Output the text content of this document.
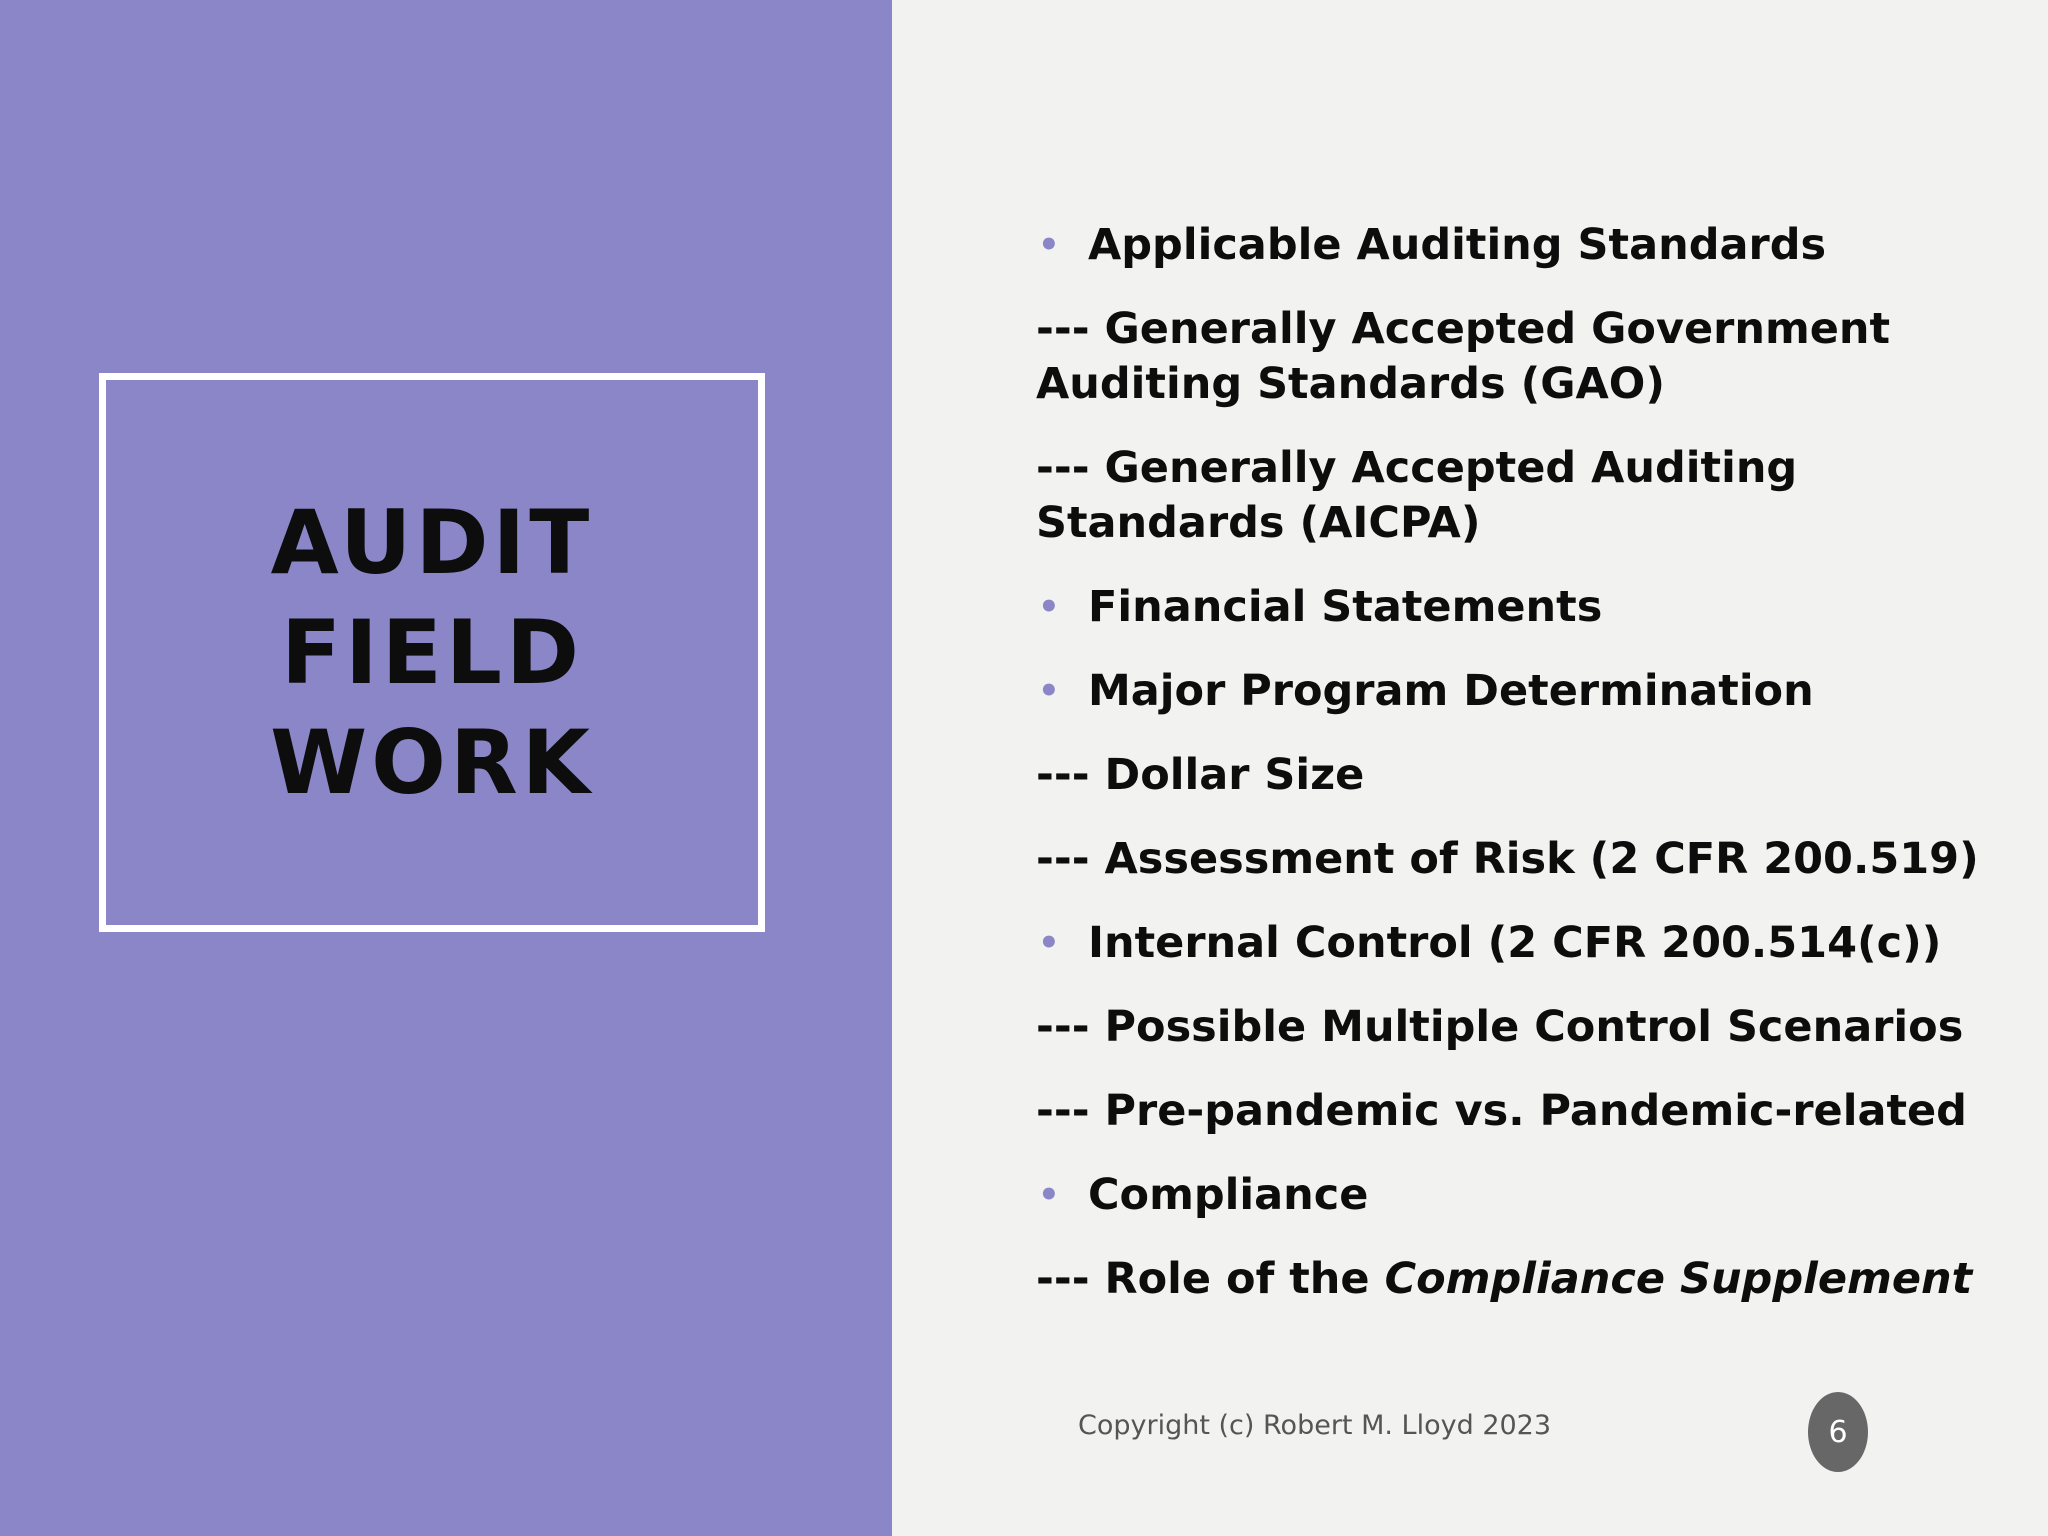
AUDIT
FIELD
WORK
• Applicable Auditing Standards
--- Generally Accepted Government
Auditing Standards (GAO)
--- Generally Accepted Auditing
Standards (AICPA)
• Financial Statements
• Major Program Determination
--- Dollar Size
--- Assessment of Risk (2 CFR 200.519)
• Internal Control (2 CFR 200.514(c))
--- Possible Multiple Control Scenarios
--- Pre-pandemic vs. Pandemic-related
• Compliance
--- Role of the Compliance Supplement
Copyright (c) Robert M. Lloyd 2023	6
